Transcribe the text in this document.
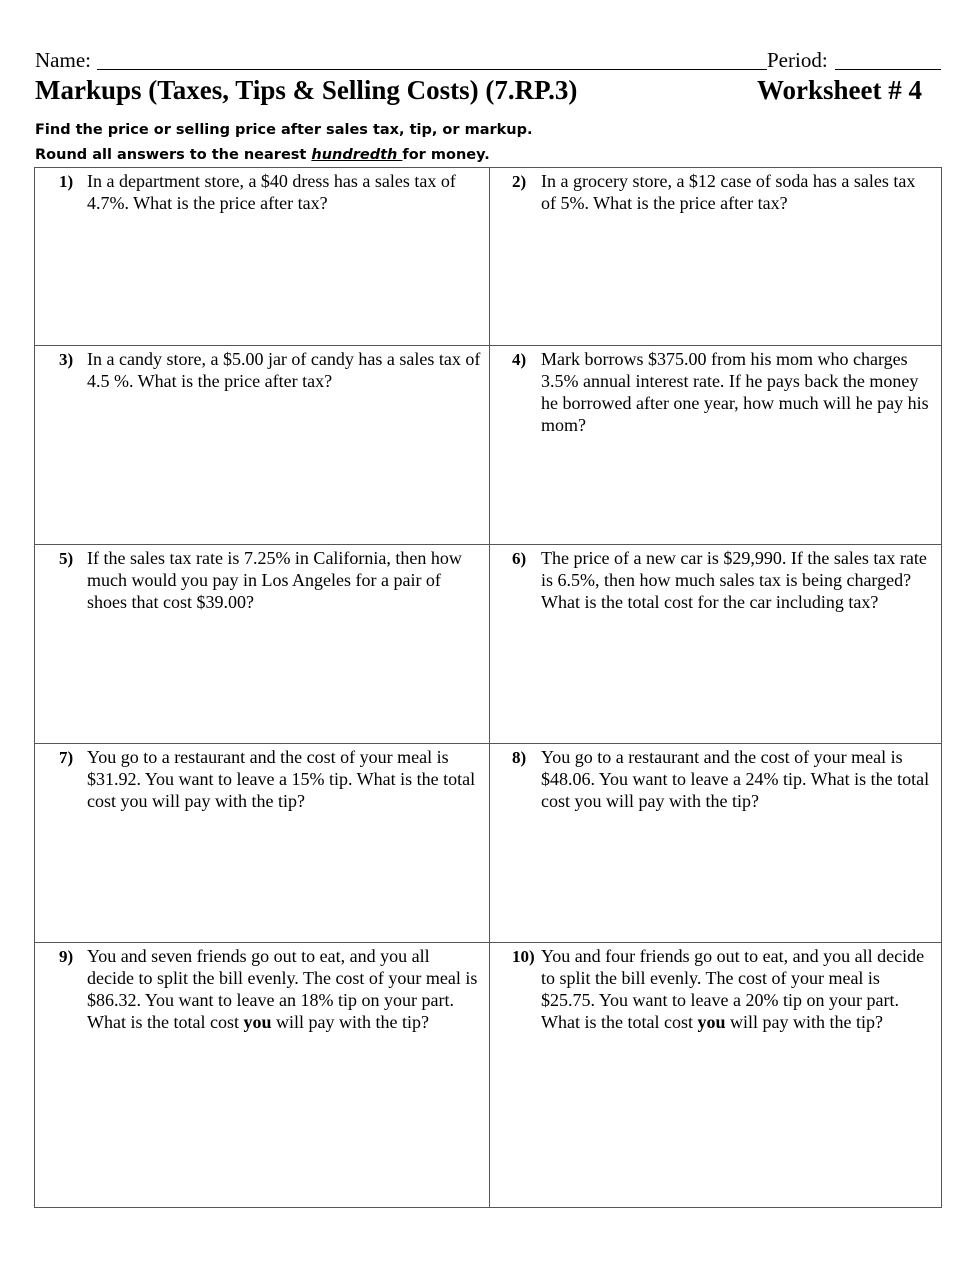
Name:	Period:
Markups (Taxes, Tips & Selling Costs) (7.RP.3)	Worksheet # 4
Find the price or selling price after sales tax, tip, or markup.
Round all answers to the nearest hundredth for money.
1) In a department store, a $40 dress has a sales tax of 4.7%. What is the price after tax?
2) In a grocery store, a $12 case of soda has a sales tax of 5%. What is the price after tax?
3) In a candy store, a $5.00 jar of candy has a sales tax of 4.5 %. What is the price after tax?
4) Mark borrows $375.00 from his mom who charges 3.5% annual interest rate. If he pays back the money he borrowed after one year, how much will he pay his mom?
5) If the sales tax rate is 7.25% in California, then how much would you pay in Los Angeles for a pair of shoes that cost $39.00?
6) The price of a new car is $29,990. If the sales tax rate is 6.5%, then how much sales tax is being charged? What is the total cost for the car including tax?
7) You go to a restaurant and the cost of your meal is $31.92. You want to leave a 15% tip. What is the total cost you will pay with the tip?
8) You go to a restaurant and the cost of your meal is $48.06. You want to leave a 24% tip. What is the total cost you will pay with the tip?
9) You and seven friends go out to eat, and you all decide to split the bill evenly. The cost of your meal is $86.32. You want to leave an 18% tip on your part. What is the total cost you will pay with the tip?
10) You and four friends go out to eat, and you all decide to split the bill evenly. The cost of your meal is $25.75. You want to leave a 20% tip on your part. What is the total cost you will pay with the tip?
